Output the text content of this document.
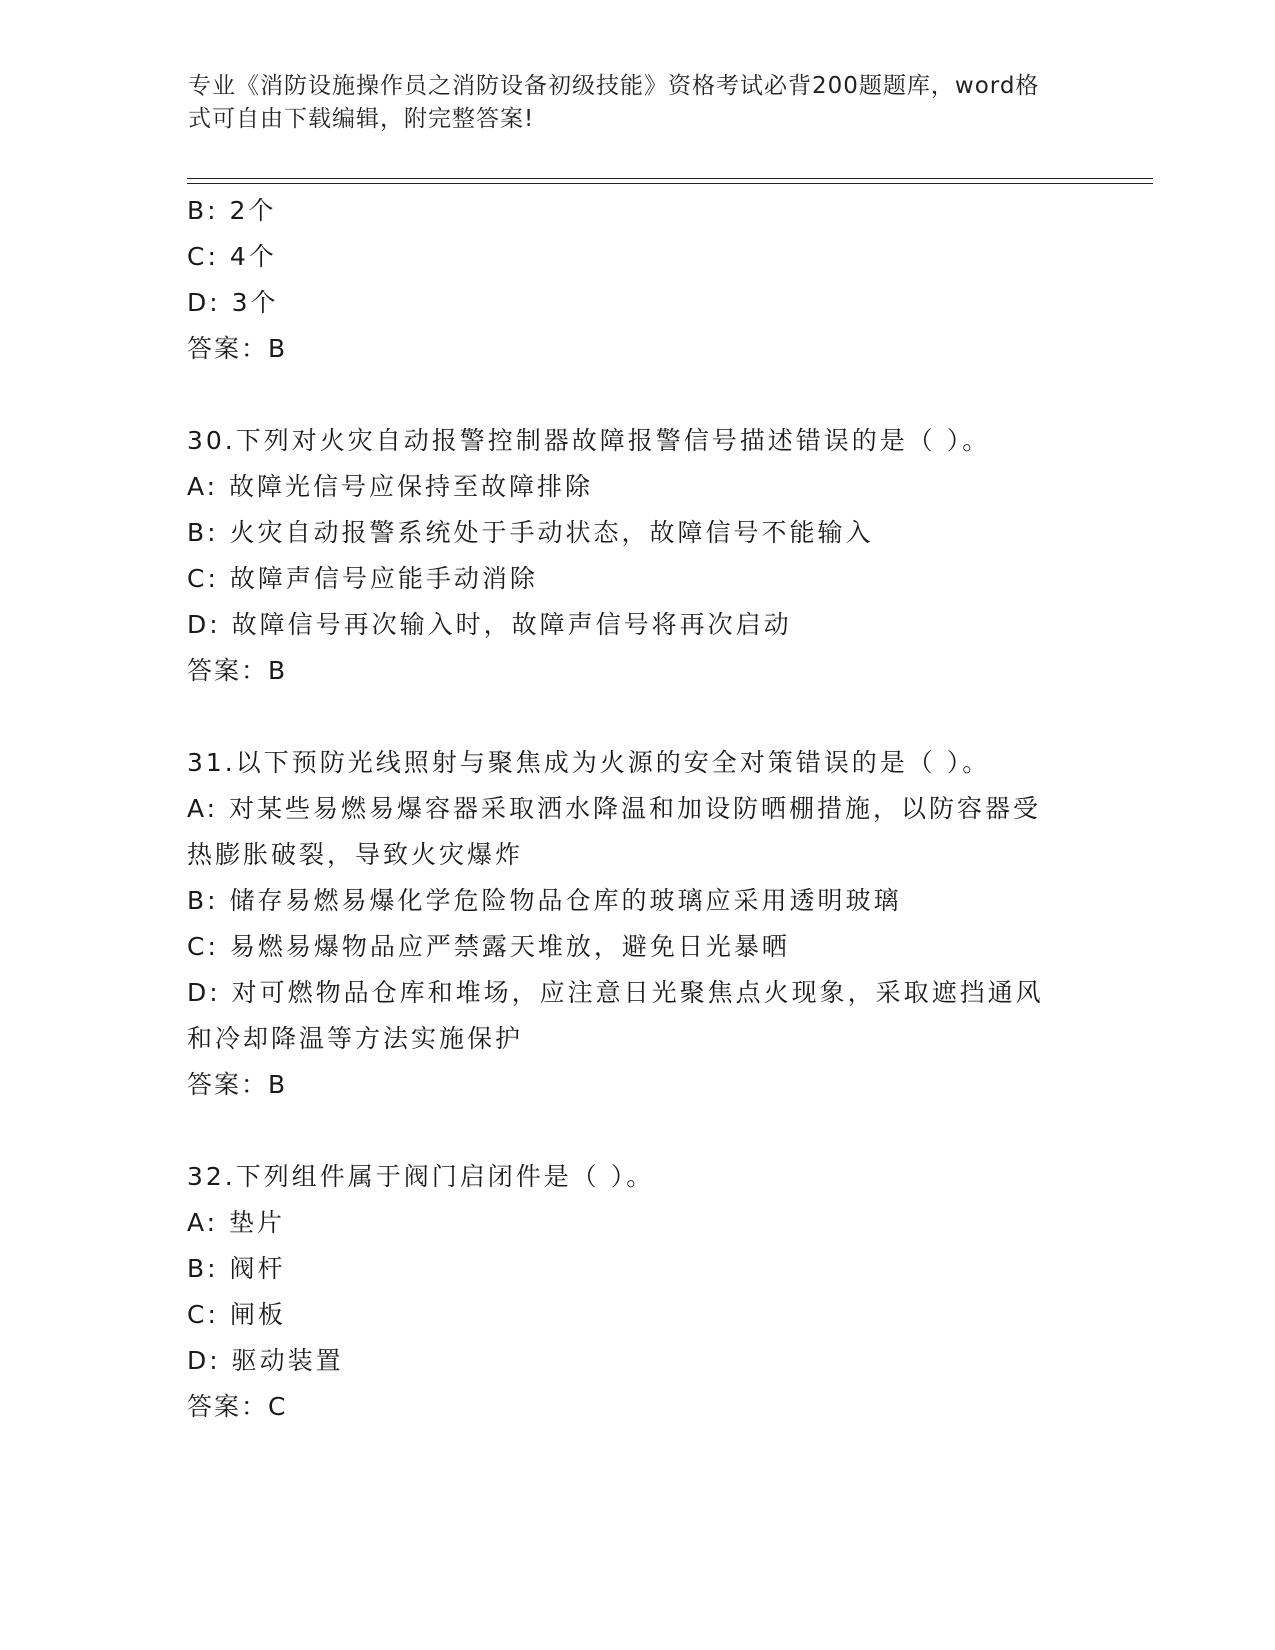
专业《消防设施操作员之消防设备初级技能》资格考试必背200题题库，word格
式可自由下载编辑，附完整答案!
B: 2个
C: 4个
D: 3个
答案：B
30.下列对火灾自动报警控制器故障报警信号描述错误的是（ ）。
A: 故障光信号应保持至故障排除
B: 火灾自动报警系统处于手动状态，故障信号不能输入
C: 故障声信号应能手动消除
D: 故障信号再次输入时，故障声信号将再次启动
答案：B
31.以下预防光线照射与聚焦成为火源的安全对策错误的是（ ）。
A: 对某些易燃易爆容器采取洒水降温和加设防晒棚措施，以防容器受
热膨胀破裂，导致火灾爆炸
B: 储存易燃易爆化学危险物品仓库的玻璃应采用透明玻璃
C: 易燃易爆物品应严禁露天堆放，避免日光暴晒
D: 对可燃物品仓库和堆场，应注意日光聚焦点火现象，采取遮挡通风
和冷却降温等方法实施保护
答案：B
32.下列组件属于阀门启闭件是（ ）。
A: 垫片
B: 阀杆
C: 闸板
D: 驱动装置
答案：C
